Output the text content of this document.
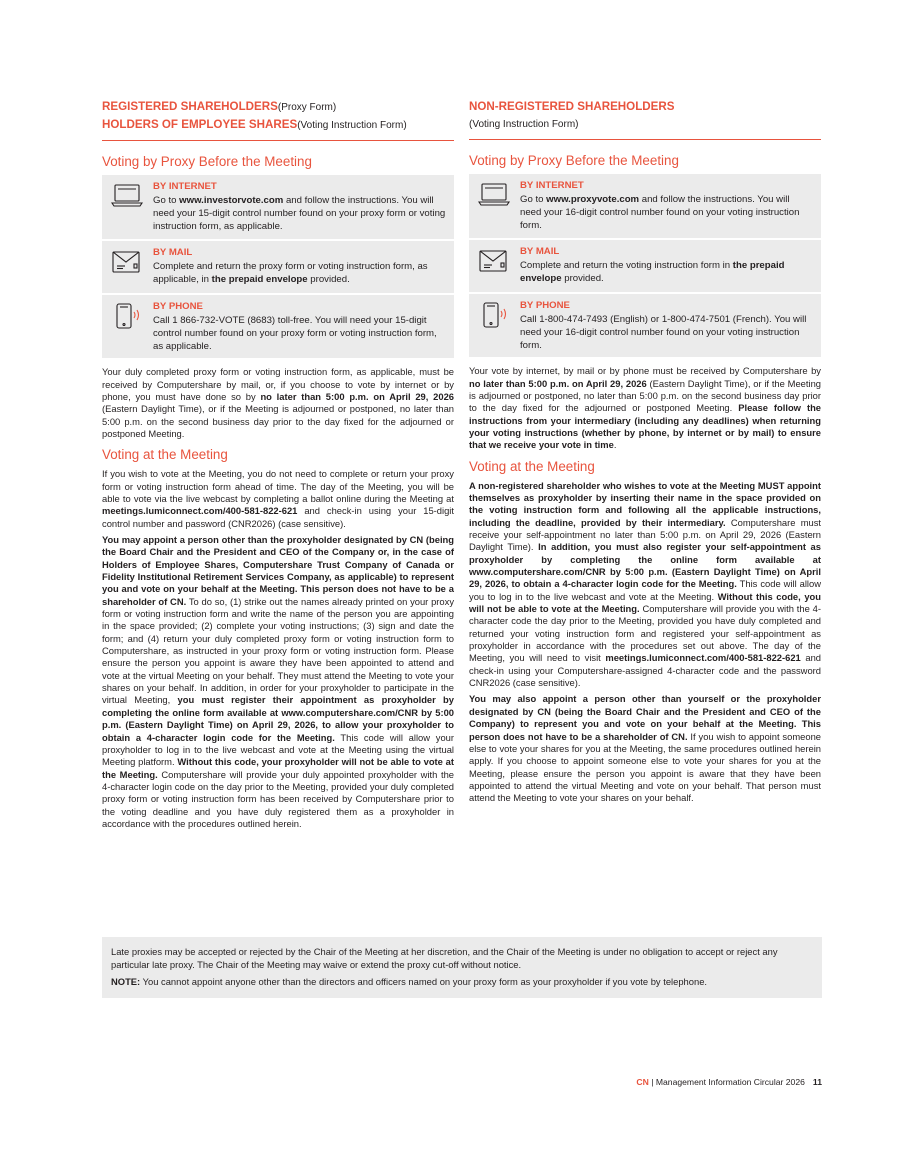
REGISTERED SHAREHOLDERS(Proxy Form)
HOLDERS OF EMPLOYEE SHARES(Voting Instruction Form)
Voting by Proxy Before the Meeting
BY INTERNET
Go to www.investorvote.com and follow the instructions. You will need your 15-digit control number found on your proxy form or voting instruction form, as applicable.
BY MAIL
Complete and return the proxy form or voting instruction form, as applicable, in the prepaid envelope provided.
BY PHONE
Call 1 866-732-VOTE (8683) toll-free. You will need your 15-digit control number found on your proxy form or voting instruction form, as applicable.

Your duly completed proxy form or voting instruction form, as applicable, must be received by Computershare by mail, or, if you choose to vote by internet or by phone, you must have done so by no later than 5:00 p.m. on April 29, 2026 (Eastern Daylight Time), or if the Meeting is adjourned or postponed, no later than 5:00 p.m. on the second business day prior to the day fixed for the adjourned or postponed Meeting.

Voting at the Meeting

If you wish to vote at the Meeting, you do not need to complete or return your proxy form or voting instruction form ahead of time. The day of the Meeting, you will be able to vote via the live webcast by completing a ballot online during the Meeting at meetings.lumiconnect.com/400-581-822-621 and check-in using your 15-digit control number and password (CNR2026) (case sensitive).

You may appoint a person other than the proxyholder designated by CN (being the Board Chair and the President and CEO of the Company or, in the case of Holders of Employee Shares, Computershare Trust Company of Canada or Fidelity Institutional Retirement Services Company, as applicable) to represent you and vote on your behalf at the Meeting. This person does not have to be a shareholder of CN. To do so, (1) strike out the names already printed on your proxy form or voting instruction form and write the name of the person you are appointing in the space provided; (2) complete your voting instructions; (3) sign and date the form; and (4) return your duly completed proxy form or voting instruction form to Computershare, as instructed in your proxy form or voting instruction form. Please ensure the person you appoint is aware they have been appointed to attend and vote at the virtual Meeting on your behalf. They must attend the Meeting to vote your shares on your behalf. In addition, in order for your proxyholder to participate in the virtual Meeting, you must register their appointment as proxyholder by completing the online form available at www.computershare.com/CNR by 5:00 p.m. (Eastern Daylight Time) on April 29, 2026, to allow your proxyholder to obtain a 4-character login code for the Meeting. This code will allow your proxyholder to log in to the live webcast and vote at the Meeting using the virtual Meeting platform. Without this code, your proxyholder will not be able to vote at the Meeting. Computershare will provide your duly appointed proxyholder with the 4-character login code on the day prior to the Meeting, provided your duly completed proxy form or voting instruction form has been received by Computershare prior to the voting deadline and you have duly registered them as a proxyholder in accordance with the procedures outlined herein.

NON-REGISTERED SHAREHOLDERS
(Voting Instruction Form)
Voting by Proxy Before the Meeting
BY INTERNET
Go to www.proxyvote.com and follow the instructions. You will need your 16-digit control number found on your voting instruction form.
BY MAIL
Complete and return the voting instruction form in the prepaid envelope provided.
BY PHONE
Call 1-800-474-7493 (English) or 1-800-474-7501 (French). You will need your 16-digit control number found on your voting instruction form.

Your vote by internet, by mail or by phone must be received by Computershare by no later than 5:00 p.m. on April 29, 2026 (Eastern Daylight Time), or if the Meeting is adjourned or postponed, no later than 5:00 p.m. on the second business day prior to the day fixed for the adjourned or postponed Meeting. Please follow the instructions from your intermediary (including any deadlines) when returning your voting instructions (whether by phone, by internet or by mail) to ensure that we receive your vote in time.

Voting at the Meeting

A non-registered shareholder who wishes to vote at the Meeting MUST appoint themselves as proxyholder by inserting their name in the space provided on the voting instruction form and following all the applicable instructions, including the deadline, provided by their intermediary. Computershare must receive your self-appointment no later than 5:00 p.m. on April 29, 2026 (Eastern Daylight Time). In addition, you must also register your self-appointment as proxyholder by completing the online form available at www.computershare.com/CNR by 5:00 p.m. (Eastern Daylight Time) on April 29, 2026, to obtain a 4-character login code for the Meeting. This code will allow you to log in to the live webcast and vote at the Meeting. Without this code, you will not be able to vote at the Meeting. Computershare will provide you with the 4-character code the day prior to the Meeting, provided you have duly completed and returned your voting instruction form and registered your self-appointment as proxyholder in accordance with the procedures set out above. The day of the Meeting, you will need to visit meetings.lumiconnect.com/400-581-822-621 and check-in using your Computershare-assigned 4-character code and the password CNR2026 (case sensitive).

You may also appoint a person other than yourself or the proxyholder designated by CN (being the Board Chair and the President and CEO of the Company) to represent you and vote on your behalf at the Meeting. This person does not have to be a shareholder of CN. If you wish to appoint someone else to vote your shares for you at the Meeting, the same procedures outlined herein apply. If you choose to appoint someone else to vote your shares for you at the Meeting, please ensure the person you appoint is aware that they have been appointed to attend the virtual Meeting and vote on your behalf. That person must attend the Meeting to vote your shares on your behalf.

Late proxies may be accepted or rejected by the Chair of the Meeting at her discretion, and the Chair of the Meeting is under no obligation to accept or reject any particular late proxy. The Chair of the Meeting may waive or extend the proxy cut-off without notice.

NOTE: You cannot appoint anyone other than the directors and officers named on your proxy form as your proxyholder if you vote by telephone.

CN | Management Information Circular 2026 11
